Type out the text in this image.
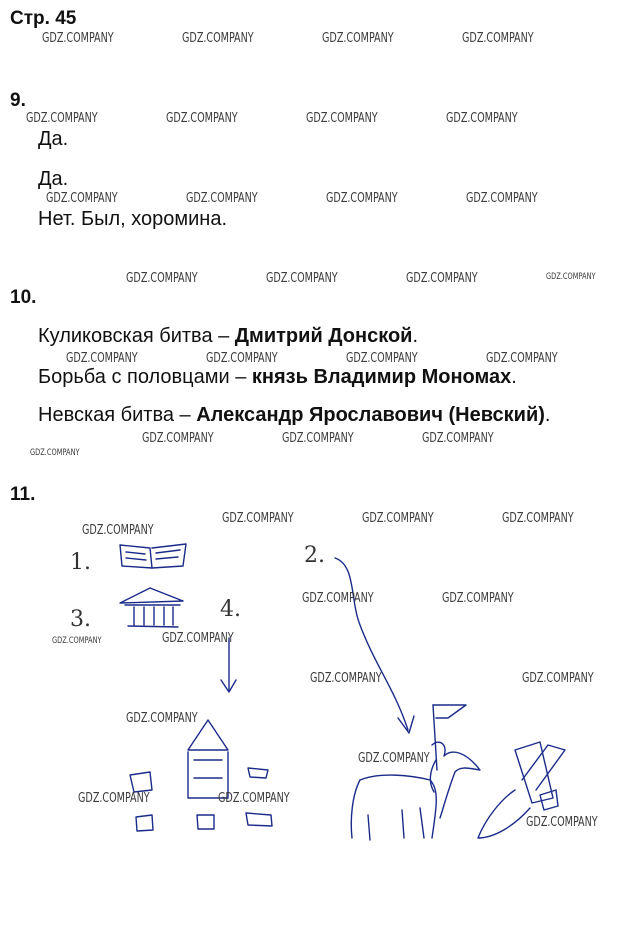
Стр. 45
9.
Да.
Да.
Нет. Был, хоромина.
10.
Куликовская битва – Дмитрий Донской.
Борьба с половцами – князь Владимир Мономах.
Невская битва – Александр Ярославович (Невский).
11.
1.	2.
3.	4.
GDZ.COMPANY	GDZ.COMPANY	GDZ.COMPANY	GDZ.COMPANY
GDZ.COMPANY	GDZ.COMPANY	GDZ.COMPANY	GDZ.COMPANY
GDZ.COMPANY	GDZ.COMPANY	GDZ.COMPANY	GDZ.COMPANY
GDZ.COMPANY	GDZ.COMPANY	GDZ.COMPANY	GDZ.COMPANY
GDZ.COMPANY	GDZ.COMPANY	GDZ.COMPANY	GDZ.COMPANY
GDZ.COMPANY	GDZ.COMPANY	GDZ.COMPANY
GDZ.COMPANY
GDZ.COMPANY
GDZ.COMPANY	GDZ.COMPANY	GDZ.COMPANY
GDZ.COMPANY	GDZ.COMPANY
GDZ.COMPANY	GDZ.COMPANY
GDZ.COMPANY	GDZ.COMPANY
GDZ.COMPANY
GDZ.COMPANY
GDZ.COMPANY	GDZ.COMPANY
GDZ.COMPANY
